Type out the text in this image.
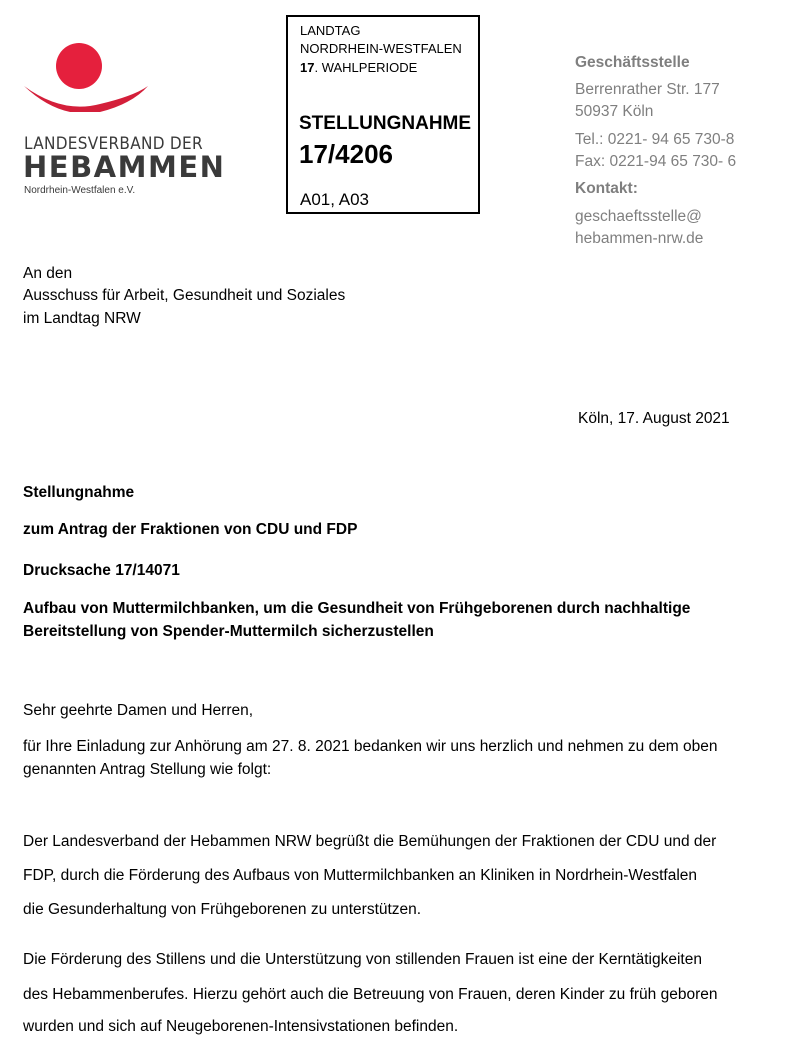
LANDESVERBAND DER
HEBAMMEN
Nordrhein-Westfalen e.V.
LANDTAG
NORDRHEIN-WESTFALEN
17. WAHLPERIODE
STELLUNGNAHME
17/4206
A01, A03
Geschäftsstelle
Berrenrather Str. 177
50937 Köln
Tel.: 0221- 94 65 730-8
Fax: 0221-94 65 730- 6
Kontakt:
geschaeftsstelle@
hebammen-nrw.de
An den
Ausschuss für Arbeit, Gesundheit und Soziales
im Landtag NRW
Köln, 17. August 2021
Stellungnahme
zum Antrag der Fraktionen von CDU und FDP
Drucksache 17/14071
Aufbau von Muttermilchbanken, um die Gesundheit von Frühgeborenen durch nachhaltige
Bereitstellung von Spender-Muttermilch sicherzustellen
Sehr geehrte Damen und Herren,
für Ihre Einladung zur Anhörung am 27. 8. 2021 bedanken wir uns herzlich und nehmen zu dem oben
genannten Antrag Stellung wie folgt:
Der Landesverband der Hebammen NRW begrüßt die Bemühungen der Fraktionen der CDU und der
FDP, durch die Förderung des Aufbaus von Muttermilchbanken an Kliniken in Nordrhein-Westfalen
die Gesunderhaltung von Frühgeborenen zu unterstützen.
Die Förderung des Stillens und die Unterstützung von stillenden Frauen ist eine der Kerntätigkeiten
des Hebammenberufes. Hierzu gehört auch die Betreuung von Frauen, deren Kinder zu früh geboren
wurden und sich auf Neugeborenen-Intensivstationen befinden.
